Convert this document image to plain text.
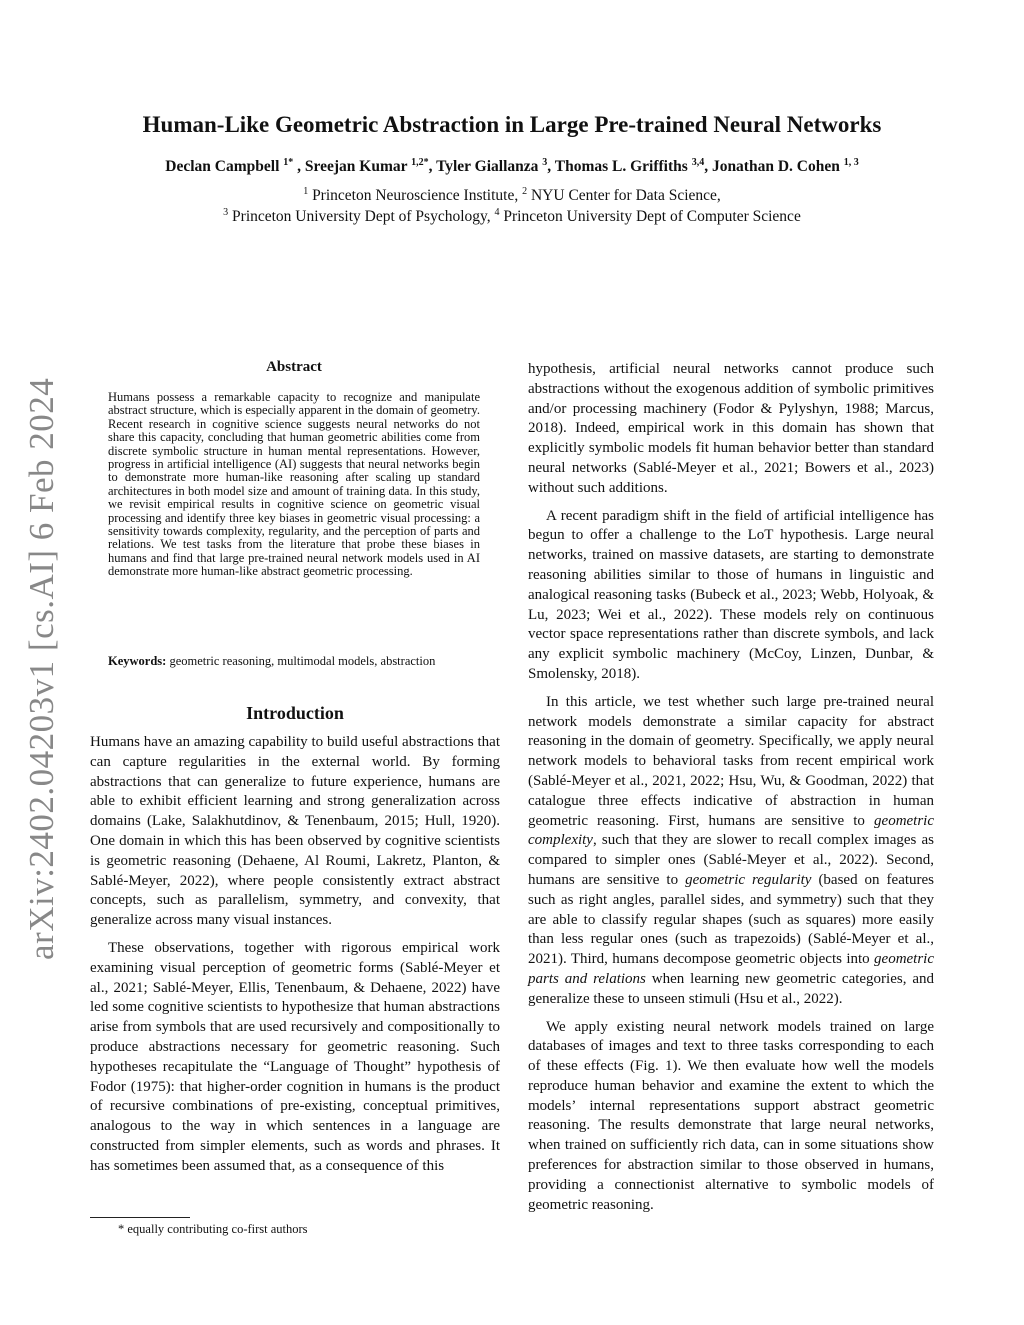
arXiv:2402.04203v1 [cs.AI] 6 Feb 2024
Human-Like Geometric Abstraction in Large Pre-trained Neural Networks
Declan Campbell $^{1*}$ , Sreejan Kumar $^{1,2*}$, Tyler Giallanza $^3$, Thomas L. Griffiths $^{3,4}$, Jonathan D. Cohen $^{1, 3}$
$^1$ Princeton Neuroscience Institute, $^2$ NYU Center for Data Science,
$^3$ Princeton University Dept of Psychology, $^4$ Princeton University Dept of Computer Science
Abstract

Humans possess a remarkable capacity to recognize and manipulate abstract structure, which is especially apparent in the domain of geometry. Recent research in cognitive science suggests neural networks do not share this capacity, concluding that human geometric abilities come from discrete symbolic structure in human mental representations. However, progress in artificial intelligence (AI) suggests that neural networks begin to demonstrate more human-like reasoning after scaling up standard architectures in both model size and amount of training data. In this study, we revisit empirical results in cognitive science on geometric visual processing and identify three key biases in geometric visual processing: a sensitivity towards complexity, regularity, and the perception of parts and relations. We test tasks from the literature that probe these biases in humans and find that large pre-trained neural network models used in AI demonstrate more human-like abstract geometric processing.

Keywords: geometric reasoning, multimodal models, abstraction

Introduction

Humans have an amazing capability to build useful abstractions that can capture regularities in the external world. By forming abstractions that can generalize to future experience, humans are able to exhibit efficient learning and strong generalization across domains (Lake, Salakhutdinov, & Tenenbaum, 2015; Hull, 1920). One domain in which this has been observed by cognitive scientists is geometric reasoning (Dehaene, Al Roumi, Lakretz, Planton, & Sablé-Meyer, 2022), where people consistently extract abstract concepts, such as parallelism, symmetry, and convexity, that generalize across many visual instances.

These observations, together with rigorous empirical work examining visual perception of geometric forms (Sablé-Meyer et al., 2021; Sablé-Meyer, Ellis, Tenenbaum, & Dehaene, 2022) have led some cognitive scientists to hypothesize that human abstractions arise from symbols that are used recursively and compositionally to produce abstractions necessary for geometric reasoning. Such hypotheses recapitulate the “Language of Thought” hypothesis of Fodor (1975): that higher-order cognition in humans is the product of recursive combinations of pre-existing, conceptual primitives, analogous to the way in which sentences in a language are constructed from simpler elements, such as words and phrases. It has sometimes been assumed that, as a consequence of this

hypothesis, artificial neural networks cannot produce such abstractions without the exogenous addition of symbolic primitives and/or processing machinery (Fodor & Pylyshyn, 1988; Marcus, 2018). Indeed, empirical work in this domain has shown that explicitly symbolic models fit human behavior better than standard neural networks (Sablé-Meyer et al., 2021; Bowers et al., 2023) without such additions.

A recent paradigm shift in the field of artificial intelligence has begun to offer a challenge to the LoT hypothesis. Large neural networks, trained on massive datasets, are starting to demonstrate reasoning abilities similar to those of humans in linguistic and analogical reasoning tasks (Bubeck et al., 2023; Webb, Holyoak, & Lu, 2023; Wei et al., 2022). These models rely on continuous vector space representations rather than discrete symbols, and lack any explicit symbolic machinery (McCoy, Linzen, Dunbar, & Smolensky, 2018).

In this article, we test whether such large pre-trained neural network models demonstrate a similar capacity for abstract reasoning in the domain of geometry. Specifically, we apply neural network models to behavioral tasks from recent empirical work (Sablé-Meyer et al., 2021, 2022; Hsu, Wu, & Goodman, 2022) that catalogue three effects indicative of abstraction in human geometric reasoning. First, humans are sensitive to geometric complexity, such that they are slower to recall complex images as compared to simpler ones (Sablé-Meyer et al., 2022). Second, humans are sensitive to geometric regularity (based on features such as right angles, parallel sides, and symmetry) such that they are able to classify regular shapes (such as squares) more easily than less regular ones (such as trapezoids) (Sablé-Meyer et al., 2021). Third, humans decompose geometric objects into geometric parts and relations when learning new geometric categories, and generalize these to unseen stimuli (Hsu et al., 2022).

We apply existing neural network models trained on large databases of images and text to three tasks corresponding to each of these effects (Fig. 1). We then evaluate how well the models reproduce human behavior and examine the extent to which the models’ internal representations support abstract geometric reasoning. The results demonstrate that large neural networks, when trained on sufficiently rich data, can in some situations show preferences for abstraction similar to those observed in humans, providing a connectionist alternative to symbolic models of geometric reasoning.

* equally contributing co-first authors
